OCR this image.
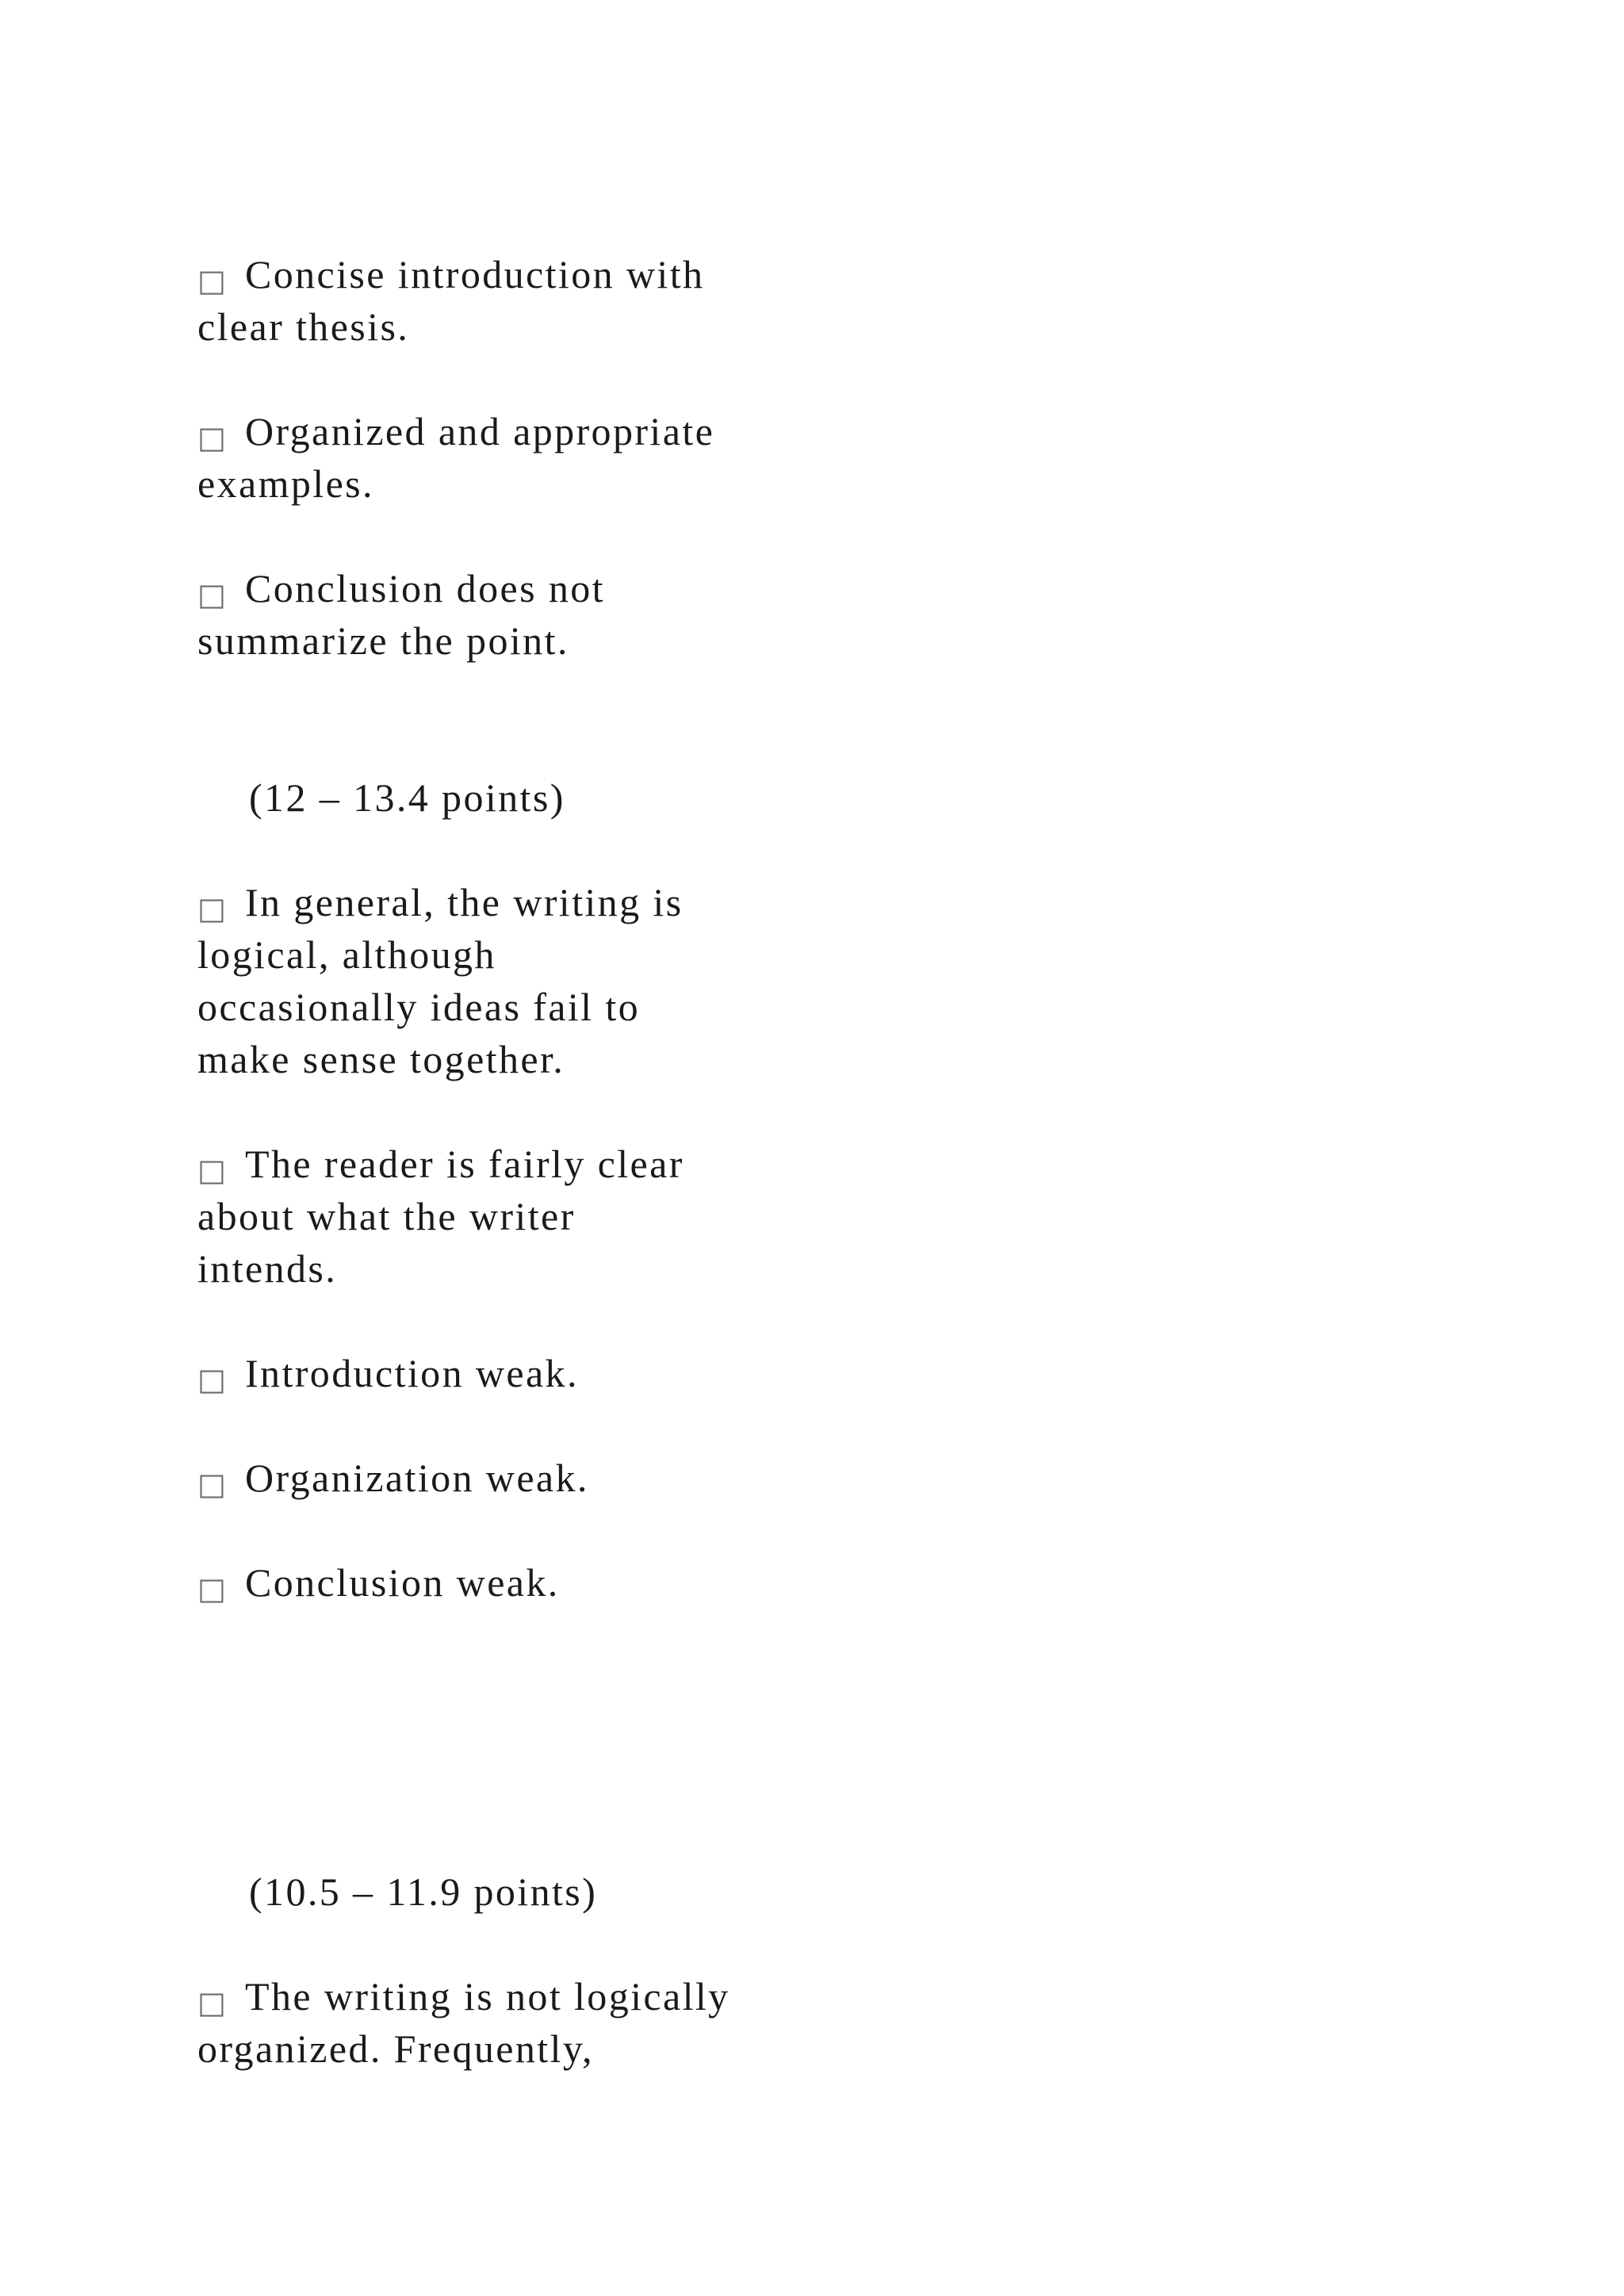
□ Concise introduction with
clear thesis.
□ Organized and appropriate
examples.
□ Conclusion does not
summarize the point.
(12 – 13.4 points)
□ In general, the writing is
logical, although
occasionally ideas fail to
make sense together.
□ The reader is fairly clear
about what the writer
intends.
□ Introduction weak.
□ Organization weak.
□ Conclusion weak.
(10.5 – 11.9 points)
□ The writing is not logically
organized. Frequently,
